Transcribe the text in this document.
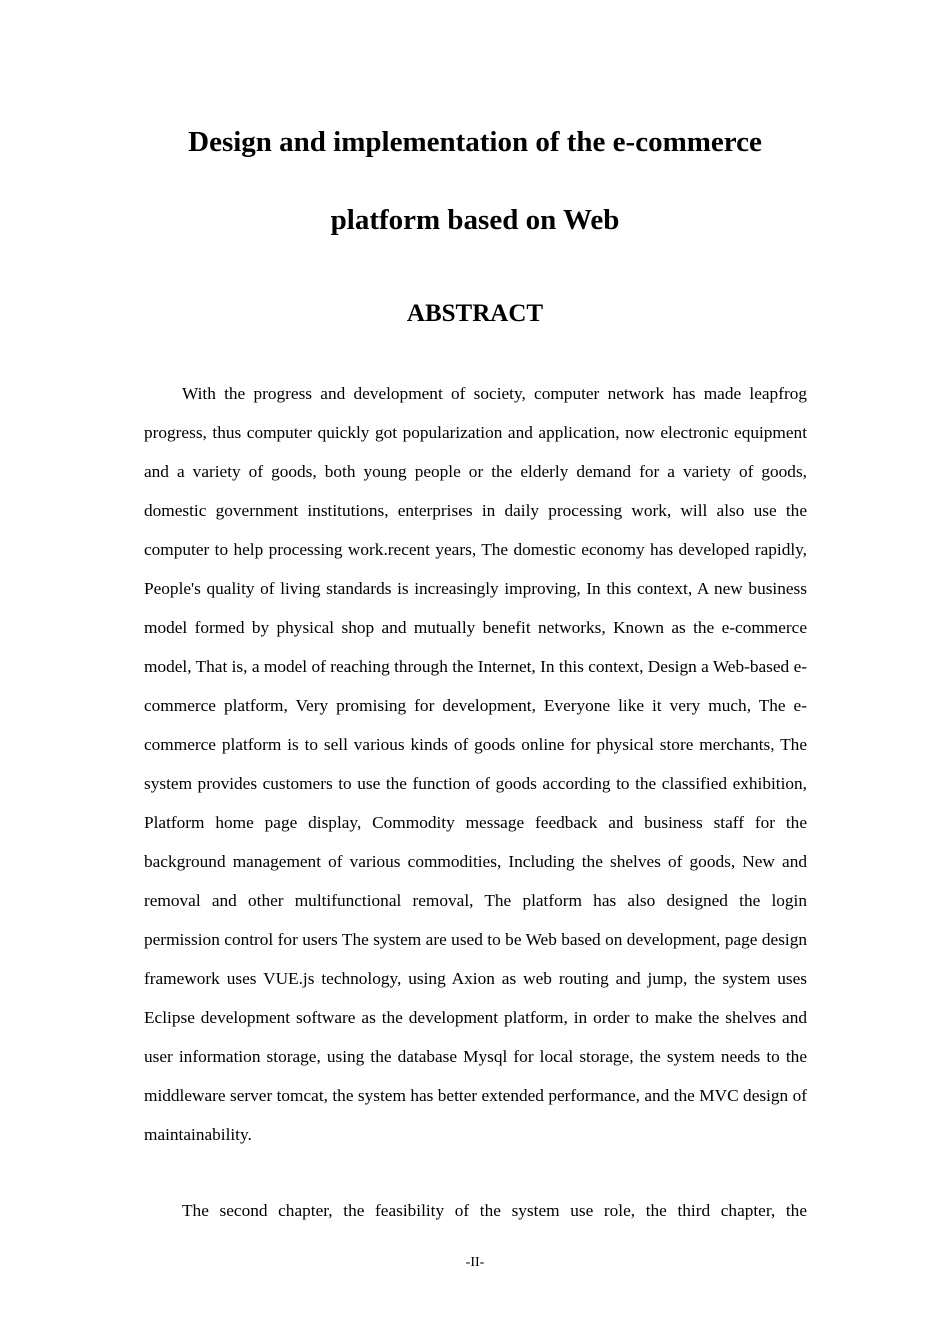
Design and implementation of the e-commerce
platform based on Web
ABSTRACT

With the progress and development of society, computer network has made leapfrog progress, thus computer quickly got popularization and application, now electronic equipment and a variety of goods, both young people or the elderly demand for a variety of goods, domestic government institutions, enterprises in daily processing work, will also use the computer to help processing work.recent years, The domestic economy has developed rapidly, People's quality of living standards is increasingly improving, In this context, A new business model formed by physical shop and mutually benefit networks, Known as the e-commerce model, That is, a model of reaching through the Internet, In this context, Design a Web-based e-commerce platform, Very promising for development, Everyone like it very much, The e-commerce platform is to sell various kinds of goods online for physical store merchants, The system provides customers to use the function of goods according to the classified exhibition, Platform home page display, Commodity message feedback and business staff for the background management of various commodities, Including the shelves of goods, New and removal and other multifunctional removal, The platform has also designed the login permission control for users The system are used to be Web based on development, page design framework uses VUE.js technology, using Axion as web routing and jump, the system uses Eclipse development software as the development platform, in order to make the shelves and user information storage, using the database Mysql for local storage, the system needs to the middleware server tomcat, the system has better extended performance, and the MVC design of maintainability.

The second chapter, the feasibility of the system use role, the third chapter, the

-II-
